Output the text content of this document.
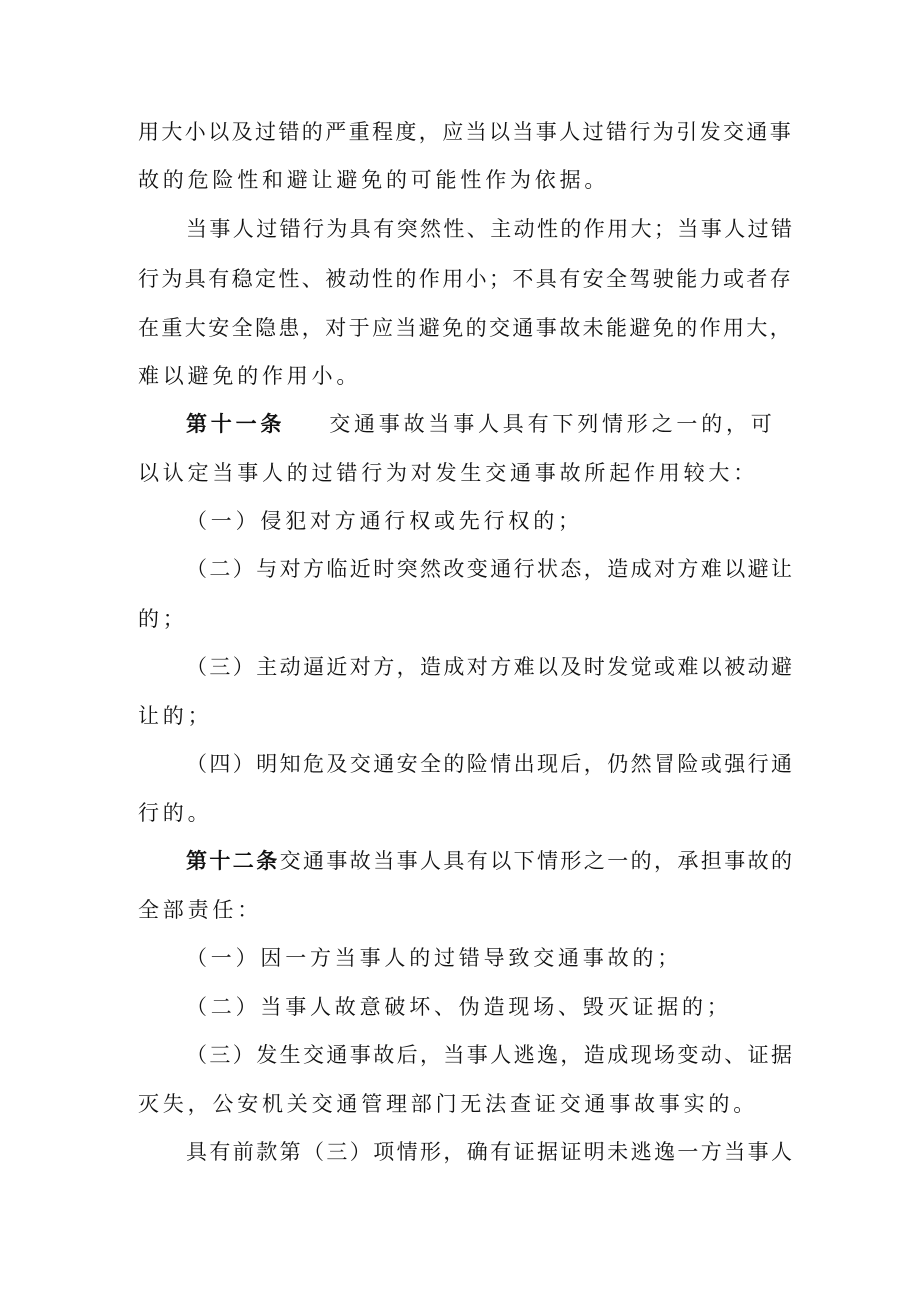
用大小以及过错的严重程度，应当以当事人过错行为引发交通事
故的危险性和避让避免的可能性作为依据。
当事人过错行为具有突然性、主动性的作用大；当事人过错
行为具有稳定性、被动性的作用小；不具有安全驾驶能力或者存
在重大安全隐患，对于应当避免的交通事故未能避免的作用大，
难以避免的作用小。
第十一条 交通事故当事人具有下列情形之一的，可
以认定当事人的过错行为对发生交通事故所起作用较大：
（一）侵犯对方通行权或先行权的；
（二）与对方临近时突然改变通行状态，造成对方难以避让
的；
（三）主动逼近对方，造成对方难以及时发觉或难以被动避
让的；
（四）明知危及交通安全的险情出现后，仍然冒险或强行通
行的。
第十二条交通事故当事人具有以下情形之一的，承担事故的
全部责任：
（一）因一方当事人的过错导致交通事故的；
（二）当事人故意破坏、伪造现场、毁灭证据的；
（三）发生交通事故后，当事人逃逸，造成现场变动、证据
灭失，公安机关交通管理部门无法查证交通事故事实的。
具有前款第（三）项情形，确有证据证明未逃逸一方当事人
